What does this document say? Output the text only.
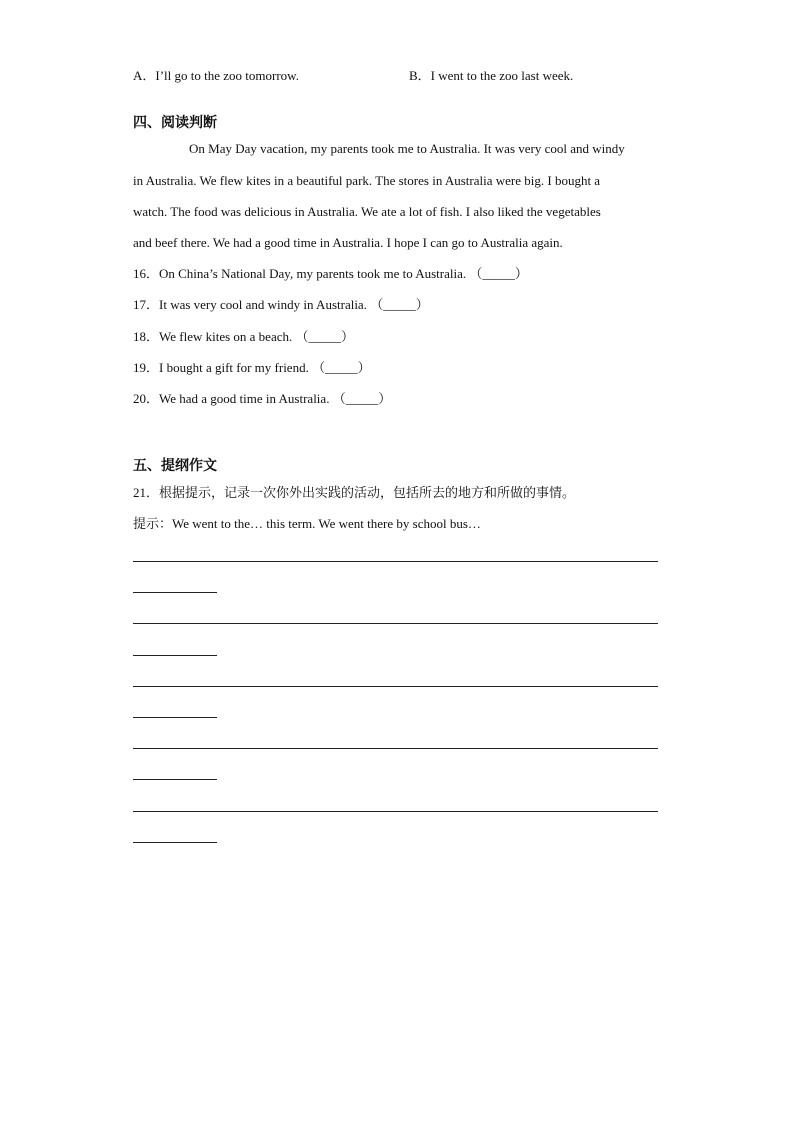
A．I’ll go to the zoo tomorrow.	B．I went to the zoo last week.
四、阅读判断
On May Day vacation, my parents took me to Australia. It was very cool and windy
in Australia. We flew kites in a beautiful park. The stores in Australia were big. I bought a
watch. The food was delicious in Australia. We ate a lot of fish. I also liked the vegetables
and beef there. We had a good time in Australia. I hope I can go to Australia again.
16．On China’s National Day, my parents took me to Australia. （_____）
17．It was very cool and windy in Australia. （_____）
18．We flew kites on a beach. （_____）
19．I bought a gift for my friend. （_____）
20．We had a good time in Australia. （_____）
五、提纲作文
21．根据提示，记录一次你外出实践的活动，包括所去的地方和所做的事情。
提示：We went to the… this term. We went there by school bus…
